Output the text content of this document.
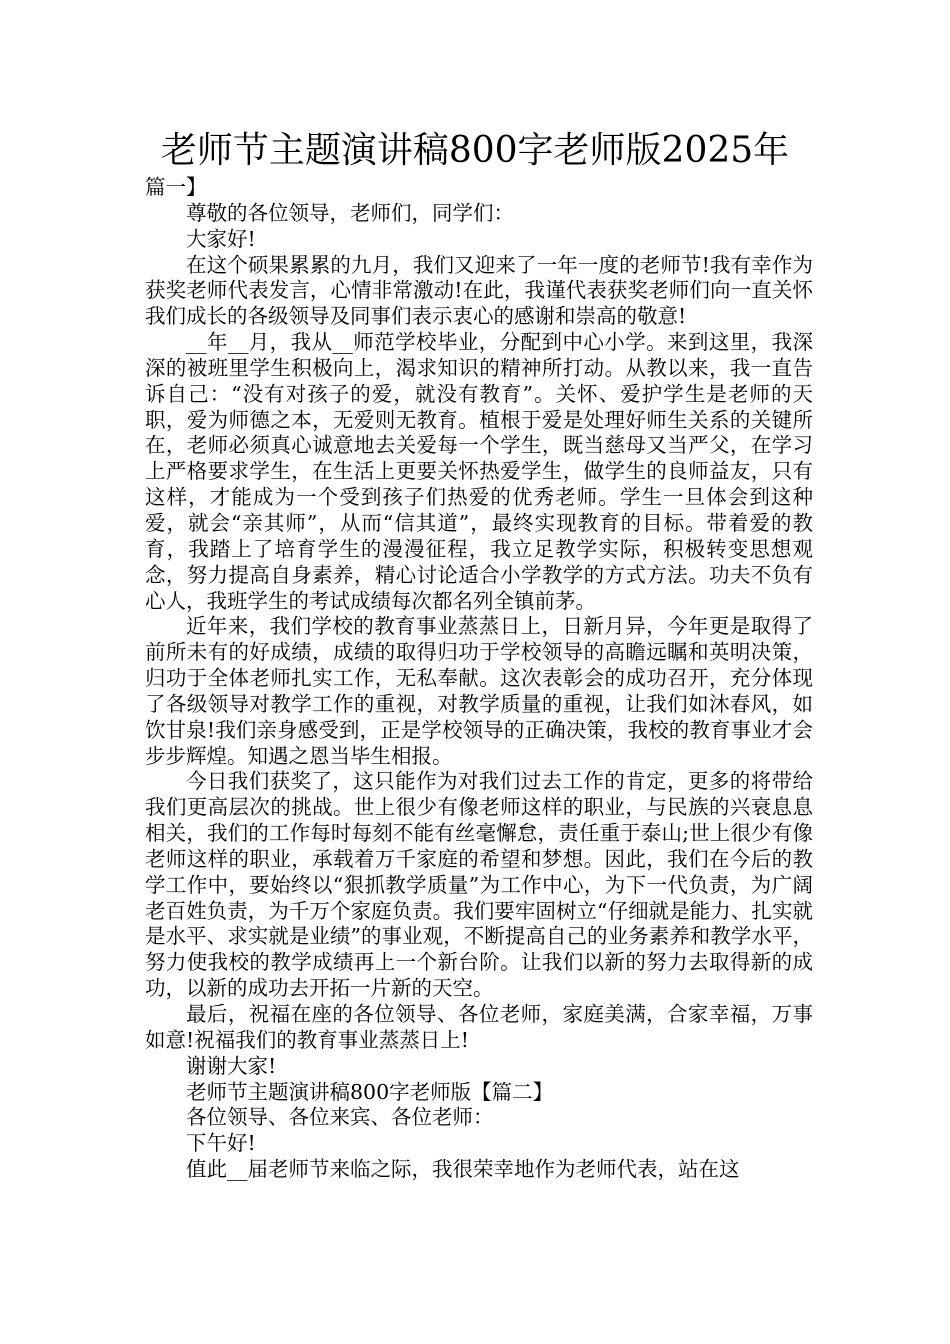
老师节主题演讲稿800字老师版2025年

篇一】

尊敬的各位领导，老师们，同学们：

大家好!

在这个硕果累累的九月，我们又迎来了一年一度的老师节!我有幸作为获奖老师代表发言，心情非常激动!在此，我谨代表获奖老师们向一直关怀我们成长的各级领导及同事们表示衷心的感谢和崇高的敬意!

__年__月，我从__师范学校毕业，分配到中心小学。来到这里，我深深的被班里学生积极向上，渴求知识的精神所打动。从教以来，我一直告诉自己：“没有对孩子的爱，就没有教育”。关怀、爱护学生是老师的天职，爱为师德之本，无爱则无教育。植根于爱是处理好师生关系的关键所在，老师必须真心诚意地去关爱每一个学生，既当慈母又当严父，在学习上严格要求学生，在生活上更要关怀热爱学生，做学生的良师益友，只有这样，才能成为一个受到孩子们热爱的优秀老师。学生一旦体会到这种爱，就会“亲其师”，从而“信其道”，最终实现教育的目标。带着爱的教育，我踏上了培育学生的漫漫征程，我立足教学实际，积极转变思想观念，努力提高自身素养，精心讨论适合小学教学的方式方法。功夫不负有心人，我班学生的考试成绩每次都名列全镇前茅。

近年来，我们学校的教育事业蒸蒸日上，日新月异，今年更是取得了前所未有的好成绩，成绩的取得归功于学校领导的高瞻远瞩和英明决策，归功于全体老师扎实工作，无私奉献。这次表彰会的成功召开，充分体现了各级领导对教学工作的重视，对教学质量的重视，让我们如沐春风，如饮甘泉!我们亲身感受到，正是学校领导的正确决策，我校的教育事业才会步步辉煌。知遇之恩当毕生相报。

今日我们获奖了，这只能作为对我们过去工作的肯定，更多的将带给我们更高层次的挑战。世上很少有像老师这样的职业，与民族的兴衰息息相关，我们的工作每时每刻不能有丝毫懈怠，责任重于泰山;世上很少有像老师这样的职业，承载着万千家庭的希望和梦想。因此，我们在今后的教学工作中，要始终以“狠抓教学质量”为工作中心，为下一代负责，为广阔老百姓负责，为千万个家庭负责。我们要牢固树立“仔细就是能力、扎实就是水平、求实就是业绩”的事业观，不断提高自己的业务素养和教学水平，努力使我校的教学成绩再上一个新台阶。让我们以新的努力去取得新的成功，以新的成功去开拓一片新的天空。

最后，祝福在座的各位领导、各位老师，家庭美满，合家幸福，万事如意!祝福我们的教育事业蒸蒸日上!

谢谢大家!

老师节主题演讲稿800字老师版【篇二】

各位领导、各位来宾、各位老师：

下午好!

值此__届老师节来临之际，我很荣幸地作为老师代表，站在这
